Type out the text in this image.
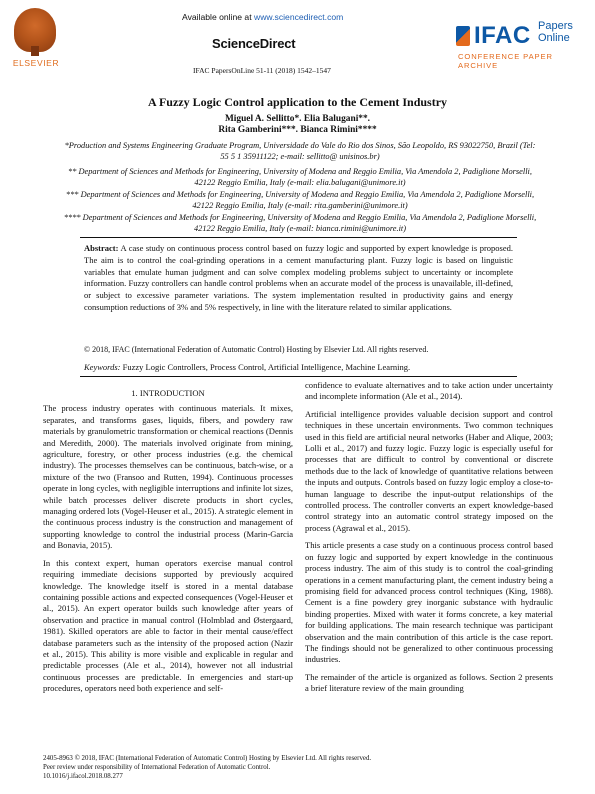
ELSEVIER
Available online at www.sciencedirect.com
ScienceDirect
IFAC PapersOnLine 51-11 (2018) 1542–1547
IFAC Papers
Online
CONFERENCE PAPER ARCHIVE
A Fuzzy Logic Control application to the Cement Industry
Miguel A. Sellitto*. Elia Balugani**.
Rita Gamberini***. Bianca Rimini****
*Production and Systems Engineering Graduate Program, Universidade do Vale do Rio dos Sinos, São Leopoldo, RS 93022750, Brazil (Tel: 55 5 1 35911122; e-mail: sellitto@ unisinos.br)
** Department of Sciences and Methods for Engineering, University of Modena and Reggio Emilia, Via Amendola 2, Padiglione Morselli, 42122 Reggio Emilia, Italy (e-mail: elia.balugani@unimore.it)
*** Department of Sciences and Methods for Engineering, University of Modena and Reggio Emilia, Via Amendola 2, Padiglione Morselli, 42122 Reggio Emilia, Italy (e-mail: rita.gamberini@unimore.it)
**** Department of Sciences and Methods for Engineering, University of Modena and Reggio Emilia, Via Amendola 2, Padiglione Morselli, 42122 Reggio Emilia, Italy (e-mail: bianca.rimini@unimore.it)
Abstract: A case study on continuous process control based on fuzzy logic and supported by expert knowledge is proposed. The aim is to control the coal-grinding operations in a cement manufacturing plant. Fuzzy logic is based on linguistic variables that emulate human judgment and can solve complex modeling problems subject to uncertainty or incomplete information. Fuzzy controllers can handle control problems when an accurate model of the process is unavailable, ill-defined, or subject to excessive parameter variations. The system implementation resulted in productivity gains and energy consumption reductions of 3% and 5% respectively, in line with the literature related to similar applications.
© 2018, IFAC (International Federation of Automatic Control) Hosting by Elsevier Ltd. All rights reserved.
Keywords: Fuzzy Logic Controllers, Process Control, Artificial Intelligence, Machine Learning.
1. INTRODUCTION

The process industry operates with continuous materials. It mixes, separates, and transforms gases, liquids, fibers, and powdery raw materials by granulometric transformation or chemical reactions (Dennis and Meredith, 2000). The materials involved originate from mining, agriculture, forestry, or other process industries (e.g. the chemical industry). The processes themselves can be continuous, batch-wise, or a mixture of the two (Fransoo and Rutten, 1994). Continuous processes operate in long cycles, with negligible interruptions and infinite lot sizes, while batch processes deliver discrete products in short cycles, managing ordered lots (Vogel-Heuser et al., 2015). A strategic element in the continuous process industry is the construction and management of supporting knowledge to control the industrial process (Marin-Garcia and Bonavia, 2015).

In this context expert, human operators exercise manual control requiring immediate decisions supported by previously acquired knowledge. The knowledge itself is stored in a mental database containing possible actions and expected consequences (Vogel-Heuser et al., 2015). An expert operator builds such knowledge after years of observation and practice in manual control (Holmblad and Østergaard, 1981). Skilled operators are able to factor in their mental cause/effect database parameters such as the intensity of the proposed action (Nazir et al., 2015). This ability is more visible and explicable in regular and predictable processes (Ale et al., 2014), however not all industrial continuous processes are predictable. In emergencies and start-up procedures, operators need both experience and self-

confidence to evaluate alternatives and to take action under uncertainty and incomplete information (Ale et al., 2014).

Artificial intelligence provides valuable decision support and control techniques in these uncertain environments. Two common techniques used in this field are artificial neural networks (Haber and Alique, 2003; Lolli et al., 2017) and fuzzy logic. Fuzzy logic is especially useful for processes that are difficult to control by conventional or discrete methods due to the lack of knowledge of quantitative relations between the inputs and outputs. Controls based on fuzzy logic employ a close-to-human language to describe the input-output relationships of the controlled process. The controller converts an expert knowledge-based control strategy into an automatic control strategy imposed on the process (Agrawal et al., 2015).

This article presents a case study on a continuous process control based on fuzzy logic and supported by expert knowledge in the continuous process industry. The aim of this study is to control the coal-grinding operations in a cement manufacturing plant, the cement industry being a promising field for advanced process control techniques (King, 1988). Cement is a fine powdery grey inorganic substance with hydraulic binding properties. Mixed with water it forms concrete, a key material for building applications. The main research technique was participant observation and the main contribution of this article is the case report. The findings should not be generalized to other continuous processing industries.

The remainder of the article is organized as follows. Section 2 presents a brief literature review of the main grounding

2405-8963 © 2018, IFAC (International Federation of Automatic Control) Hosting by Elsevier Ltd. All rights reserved.
Peer review under responsibility of International Federation of Automatic Control.
10.1016/j.ifacol.2018.08.277
